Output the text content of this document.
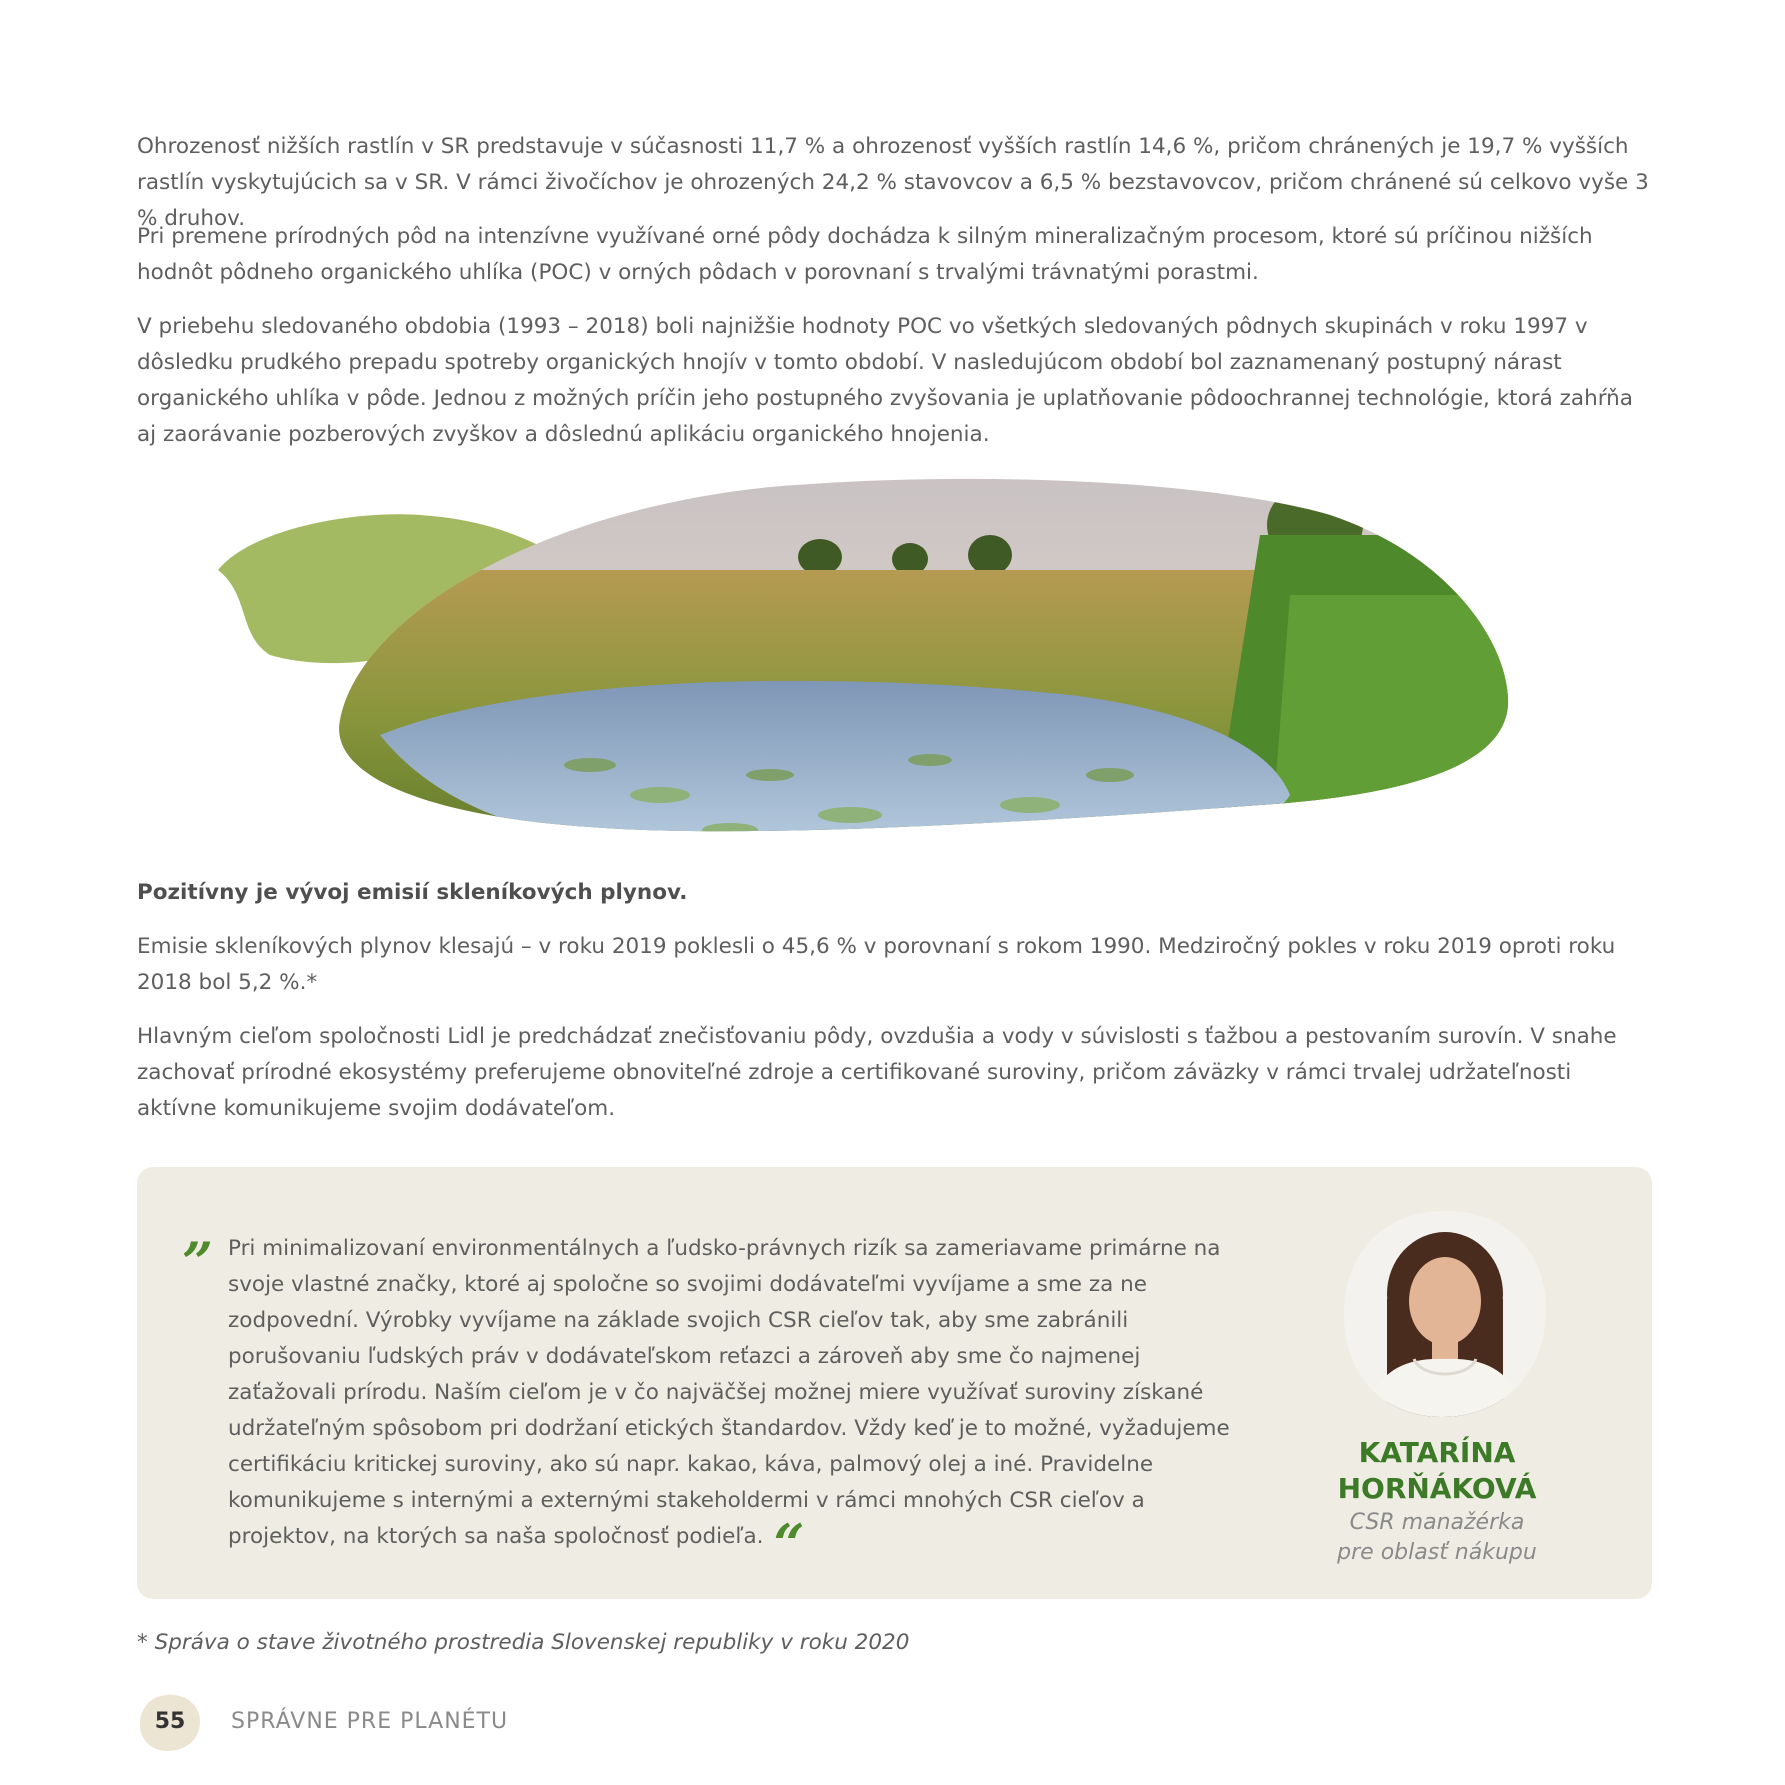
Ohrozenosť nižších rastlín v SR predstavuje v súčasnosti 11,7 % a ohrozenosť vyšších rastlín 14,6 %, pričom chránených je 19,7 % vyšších rastlín vyskytujúcich sa v SR. V rámci živočíchov je ohrozených 24,2 % stavovcov a 6,5 % bezstavovcov, pričom chránené sú celkovo vyše 3 % druhov.

Pri premene prírodných pôd na intenzívne využívané orné pôdy dochádza k silným mineralizačným procesom, ktoré sú príčinou nižších hodnôt pôdneho organického uhlíka (POC) v orných pôdach v porovnaní s trvalými trávnatými porastmi.

V priebehu sledovaného obdobia (1993 – 2018) boli najnižšie hodnoty POC vo všetkých sledovaných pôdnych skupinách v roku 1997 v dôsledku prudkého prepadu spotreby organických hnojív v tomto období. V nasledujúcom období bol zaznamenaný postupný nárast organického uhlíka v pôde. Jednou z možných príčin jeho postupného zvyšovania je uplatňovanie pôdoochrannej technológie, ktorá zahŕňa aj zaorávanie pozberových zvyškov a dôslednú aplikáciu organického hnojenia.

Pozitívny je vývoj emisií skleníkových plynov.

Emisie skleníkových plynov klesajú – v roku 2019 poklesli o 45,6 % v porovnaní s rokom 1990. Medziročný pokles v roku 2019 oproti roku 2018 bol 5,2 %.*

Hlavným cieľom spoločnosti Lidl je predchádzať znečisťovaniu pôdy, ovzdušia a vody v súvislosti s ťažbou a pestovaním surovín. V snahe zachovať prírodné ekosystémy preferujeme obnoviteľné zdroje a certifikované suroviny, pričom záväzky v rámci trvalej udržateľnosti aktívne komunikujeme svojim dodávateľom.

” Pri minimalizovaní environmentálnych a ľudsko-právnych rizík sa zameriavame primárne na svoje vlastné značky, ktoré aj spoločne so svojimi dodávateľmi vyvíjame a sme za ne zodpovední. Výrobky vyvíjame na základe svojich CSR cieľov tak, aby sme zabránili porušovaniu ľudských práv v dodávateľskom reťazci a zároveň aby sme čo najmenej zaťažovali prírodu. Naším cieľom je v čo najväčšej možnej miere využívať suroviny získané udržateľným spôsobom pri dodržaní etických štandardov. Vždy keď je to možné, vyžadujeme certifikáciu kritickej suroviny, ako sú napr. kakao, káva, palmový olej a iné. Pravidelne komunikujeme s internými a externými stakeholdermi v rámci mnohých CSR cieľov a projektov, na ktorých sa naša spoločnosť podieľa. “
KATARÍNA
HORŇÁKOVÁ
CSR manažérka
pre oblasť nákupu
* Správa o stave životného prostredia Slovenskej republiky v roku 2020
55	SPRÁVNE PRE PLANÉTU
